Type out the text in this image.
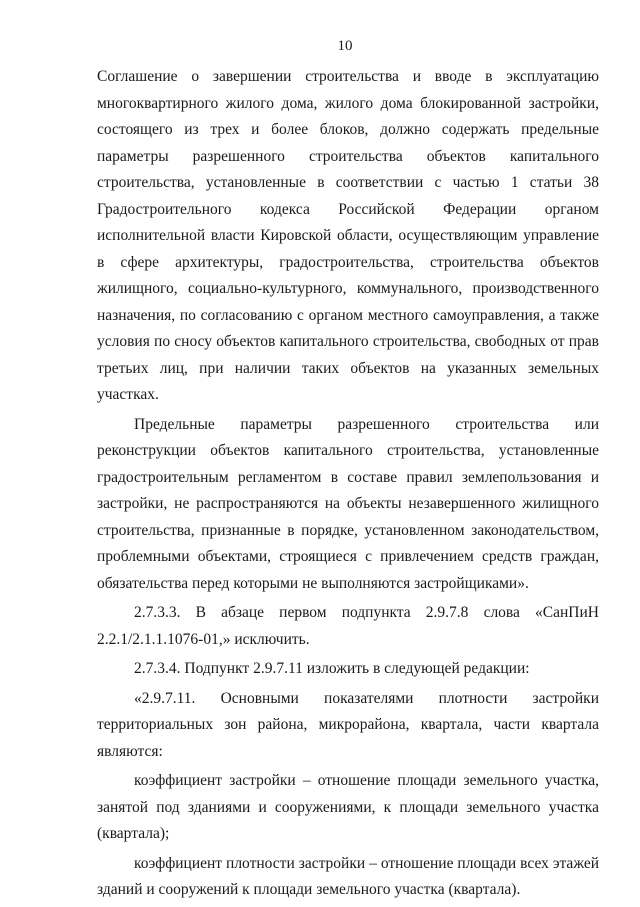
10

Соглашение о завершении строительства и вводе в эксплуатацию многоквартирного жилого дома, жилого дома блокированной застройки, состоящего из трех и более блоков, должно содержать предельные параметры разрешенного строительства объектов капитального строительства, установленные в соответствии с частью 1 статьи 38 Градостроительного кодекса Российской Федерации органом исполнительной власти Кировской области, осуществляющим управление в сфере архитектуры, градостроительства, строительства объектов жилищного, социально-культурного, коммунального, производственного назначения, по согласованию с органом местного самоуправления, а также условия по сносу объектов капитального строительства, свободных от прав третьих лиц, при наличии таких объектов на указанных земельных участках.

Предельные параметры разрешенного строительства или реконструкции объектов капитального строительства, установленные градостроительным регламентом в составе правил землепользования и застройки, не распространяются на объекты незавершенного жилищного строительства, признанные в порядке, установленном законодательством, проблемными объектами, строящиеся с привлечением средств граждан, обязательства перед которыми не выполняются застройщиками».

2.7.3.3. В абзаце первом подпункта 2.9.7.8 слова «СанПиН 2.2.1/2.1.1.1076-01,» исключить.

2.7.3.4. Подпункт 2.9.7.11 изложить в следующей редакции:

«2.9.7.11. Основными показателями плотности застройки территориальных зон района, микрорайона, квартала, части квартала являются:

коэффициент застройки – отношение площади земельного участка, занятой под зданиями и сооружениями, к площади земельного участка (квартала);

коэффициент плотности застройки – отношение площади всех этажей зданий и сооружений к площади земельного участка (квартала).
